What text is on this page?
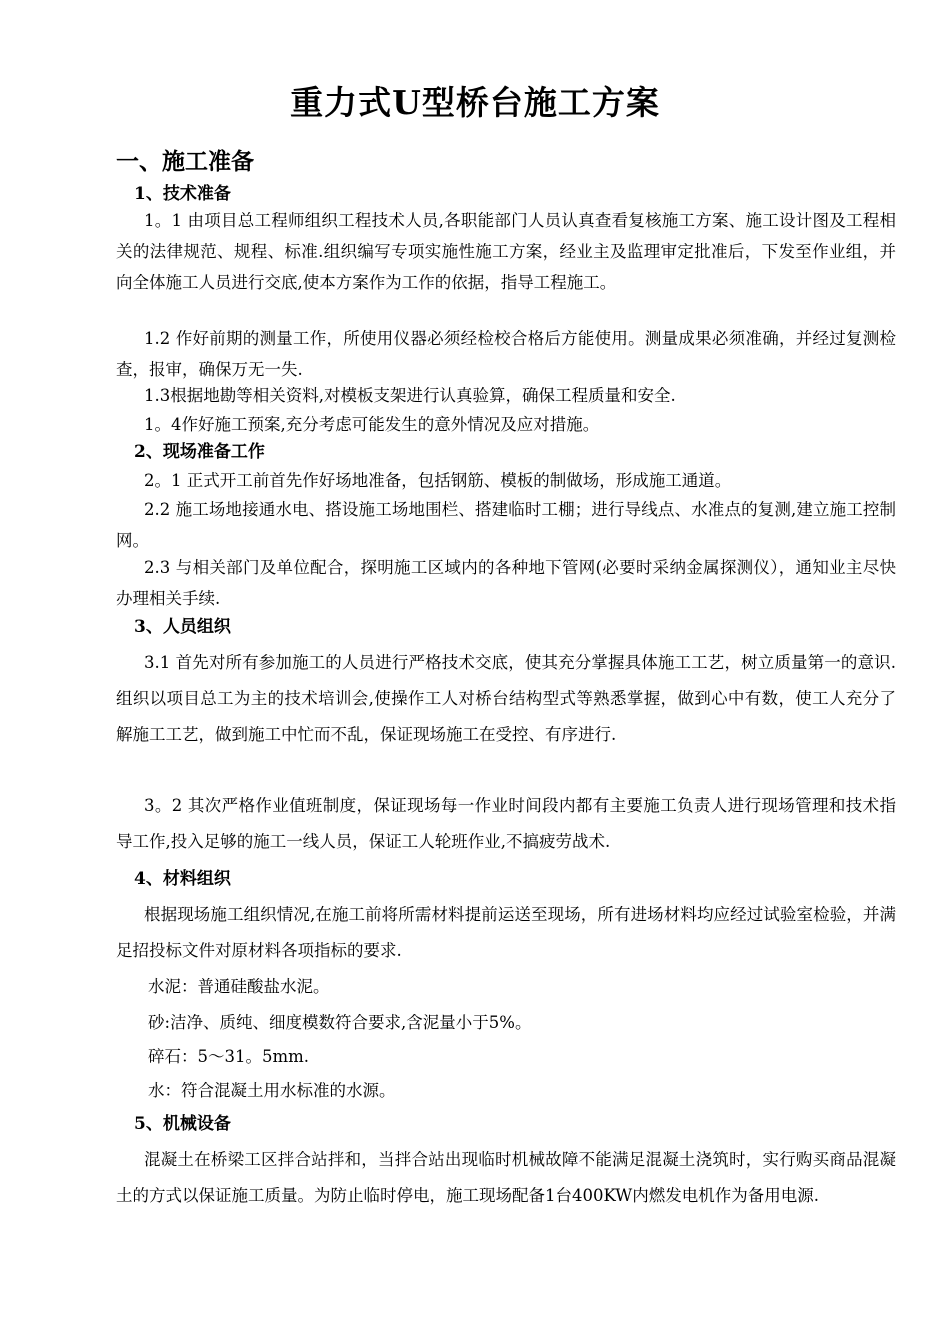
重力式U型桥台施工方案
一、施工准备
1、技术准备

1。1 由项目总工程师组织工程技术人员,各职能部门人员认真查看复核施工方案、施工设计图及工程相关的法律规范、规程、标准.组织编写专项实施性施工方案，经业主及监理审定批准后，下发至作业组，并向全体施工人员进行交底,使本方案作为工作的依据，指导工程施工。

1.2 作好前期的测量工作，所使用仪器必须经检校合格后方能使用。测量成果必须准确，并经过复测检查，报审，确保万无一失.

1.3根据地勘等相关资料,对模板支架进行认真验算，确保工程质量和安全.

1。4作好施工预案,充分考虑可能发生的意外情况及应对措施。

2、现场准备工作

2。1 正式开工前首先作好场地准备，包括钢筋、模板的制做场，形成施工通道。

2.2 施工场地接通水电、搭设施工场地围栏、搭建临时工棚；进行导线点、水准点的复测,建立施工控制网。

2.3 与相关部门及单位配合，探明施工区域内的各种地下管网(必要时采纳金属探测仪），通知业主尽快办理相关手续.

3、人员组织

3.1 首先对所有参加施工的人员进行严格技术交底，使其充分掌握具体施工工艺，树立质量第一的意识.组织以项目总工为主的技术培训会,使操作工人对桥台结构型式等熟悉掌握，做到心中有数，使工人充分了解施工工艺，做到施工中忙而不乱，保证现场施工在受控、有序进行.

3。2 其次严格作业值班制度，保证现场每一作业时间段内都有主要施工负责人进行现场管理和技术指导工作,投入足够的施工一线人员，保证工人轮班作业,不搞疲劳战术.

4、材料组织

根据现场施工组织情况,在施工前将所需材料提前运送至现场，所有进场材料均应经过试验室检验，并满足招投标文件对原材料各项指标的要求.

水泥：普通硅酸盐水泥。
砂:洁净、质纯、细度模数符合要求,含泥量小于5%。
碎石：5～31。5mm.
水：符合混凝土用水标准的水源。
5、机械设备

混凝土在桥梁工区拌合站拌和，当拌合站出现临时机械故障不能满足混凝土浇筑时，实行购买商品混凝土的方式以保证施工质量。为防止临时停电，施工现场配备1台400KW内燃发电机作为备用电源.
